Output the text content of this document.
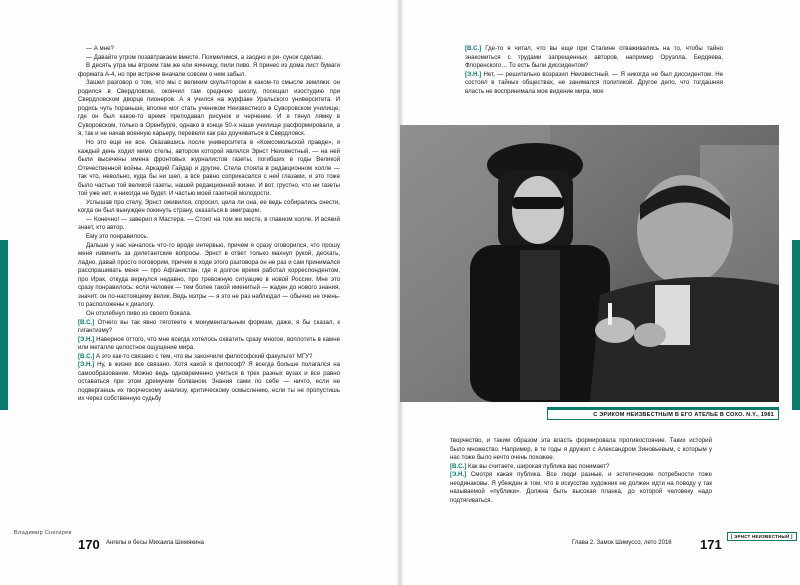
— А мне?

— Давайте утром позавтракаем вместе. Похмелимся, а заодно и ри- сунок сделаю.

В десять утра мы втроем там же ели яичницу, пили пиво. Я принес из дома лист бумаги формата А-4, но при встрече вначале совсем о нем забыл.

Зашел разговор о том, что мы с великим скульптором в каком-то смысле земляки: он родился в Свердловске, окончил там среднюю школу, посещал изостудию при Свердловском дворце пионеров. А я учился на журфаке Уральского университета. И родись чуть пораньше, вполне мог стать учеником Неизвестного в Суворовском училище, где он был какое-то время преподавал рисунок и черчение. И я тянул лямку в Суворовском, только в Оренбурге, однако в конце 50-х наше училище расформировали, а я, так и не начав военную карьеру, перевели как раз доучиваться в Свердловск.

Но это еще не все. Оказавшись после университета в «Комсомольской правде», я каждый день ходил мимо стелы, автором которой являлся Эрнст Неизвестный, — на ней были высечены имена фронтовых журналистов газеты, погибших в годы Великой Отечественной войны. Аркадий Гайдар и другие. Стела стояла в редакционном холле — так что, невольно, куда бы ни шел, а все равно соприкасался с ней глазами, и это тоже было частью той великой газеты, нашей редакционной жизни. И вот, грустно, что ни газеты той уже нет, и никогда не будет. И частью моей газетной молодости.

Услышав про стелу, Эрнст оживился, спросил, цела ли она, ее ведь собирались снести, когда он был вынужден покинуть страну, оказаться в эмиграции.

— Конечно! — заверил я Мастера. — Стоит на том же месте, в главном холле. И всякий знает, кто автор.

Ему это понравилось.

Дальше у нас началось что-то вроде интервью, причем я сразу оговорился, что прошу меня извинить за дилетантские вопросы. Эрнст в ответ только махнул рукой, дескать, ладно, давай просто поговорим, причем в ходе этого разговора он не раз и сам принимался расспрашивать меня — про Афганистан, где я долгое время работал корреспондентом, про Ирак, откуда вернулся недавно, про тревожную ситуацию в новой России. Мне это сразу понравилось: если человек — тем более такой именитый — жаден до нового знания, значит, он по-настоящему велик. Ведь мэтры — я это не раз наблюдал — обычно не очень-то расположены к диалогу.

Он отхлебнул пиво из своего бокала.

[В.С.] Отчего вы так явно тяготеете к монументальным формам, даже, я бы сказал, к гигантизму?

[Э.Н.] Наверное оттого, что мне всегда хотелось охватить сразу многое, воплотить в камне или металле целостное ощущение мира.

[В.С.] А это как-то связано с тем, что вы закончили философский факультет МГУ?

[Э.Н.] Ну, в жизни все связано. Хотя какой я философ? Я всегда больше полагался на самообразование. Можно ведь одновременно учиться в трех разных вузах и все равно оставаться при этом дремучим болваном. Знания сами по себе — ничто, если не подвергаешь их творческому анализу, критическому осмыслению, если ты не пропустишь их через собственную судьбу

[В.С.] Где-то я читал, что вы еще при Сталине отваживались на то, чтобы тайно знакомиться с трудами запрещенных авторов, например Оруэлла, Бердяева, Флоренского… То есть были диссидентом?

[Э.Н.] Нет, — решительно возразил Неизвестный. — Я никогда не был диссидентом. Не состоял в тайных обществах, не занимался политикой. Другое дело, что тогдашняя власть не воспринимала мое видение мира, мое

С ЭРИКОМ НЕИЗВЕСТНЫМ В ЕГО АТЕЛЬЕ В СОХО. N.Y., 1981

творчество, и таким образом эта власть формировала противостояние. Таких историй было множество. Например, в те годы я дружил с Александром Зиновьевым, с которым у нас тоже было нечто очень похожее.

[В.С.] Как вы считаете, широкая публика вас понимает?

[Э.Н.] Смотря какая публика. Все люди разные, и эстетические потребности тоже неодинаковы. Я убежден в том, что в искусстве художник не должен идти на поводу у так называемой «публики». Должна быть высокая планка, до которой человеку надо подтягиваться.

Владимир Снегирев
170 Ангелы и бесы Михаила Шемякина	Глава 2. Замок Шимуссо, лето 2016 171
[ ЭРНСТ НЕИЗВЕСТНЫЙ ]
